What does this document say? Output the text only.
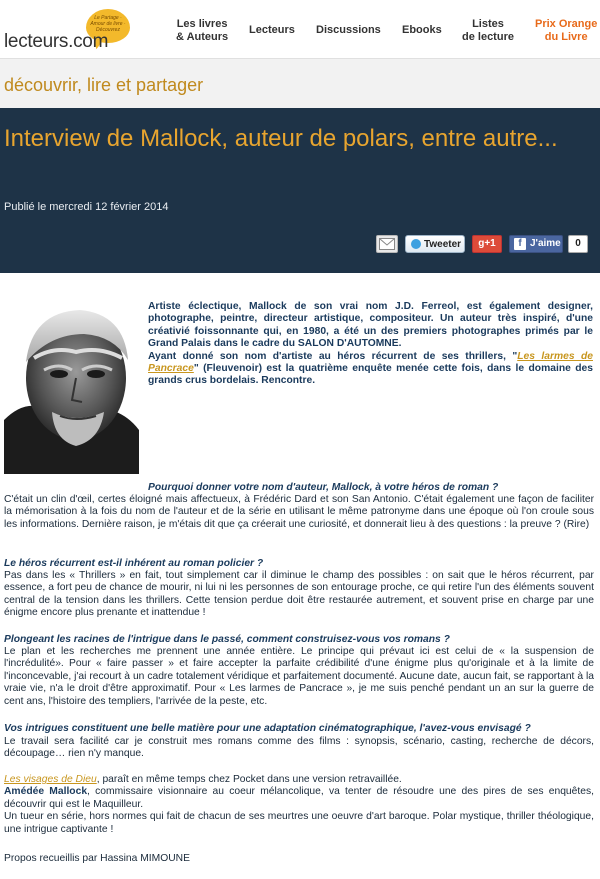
Le Partage · Amour de livre · Découvrez
lecteurs.com
Les livres
& Auteurs
Lecteurs Discussions Ebooks	Listes
de lecture
Prix Orange
du Livre
découvrir, lire et partager
Interview de Mallock, auteur de polars, entre autre...
Publié le mercredi 12 février 2014
Tweeter	g+1	f J'aime	0
Artiste éclectique, Mallock de son vrai nom J.D. Ferreol, est également designer, photographe, peintre, directeur artistique, compositeur. Un auteur très inspiré, d'une créativié foissonnante qui, en 1980, a été un des premiers photographes primés par le Grand Palais dans le cadre du SALON D'AUTOMNE.
Ayant donné son nom d'artiste au héros récurrent de ses thrillers, "Les larmes de Pancrace" (Fleuvenoir) est la quatrième enquête menée cette fois, dans le domaine des grands crus bordelais. Rencontre.
Pourquoi donner votre nom d'auteur, Mallock, à votre héros de roman ?
C'était un clin d'œil, certes éloigné mais affectueux, à Frédéric Dard et son San Antonio. C'était également une façon de faciliter la mémorisation à la fois du nom de l'auteur et de la série en utilisant le même patronyme dans une époque où l'on croule sous les informations. Dernière raison, je m'étais dit que ça créerait une curiosité, et donnerait lieu à des questions : la preuve ? (Rire)
Le héros récurrent est-il inhérent au roman policier ?
Pas dans les « Thrillers » en fait, tout simplement car il diminue le champ des possibles : on sait que le héros récurrent, par essence, a fort peu de chance de mourir, ni lui ni les personnes de son entourage proche, ce qui retire l'un des éléments souvent central de la tension dans les thrillers. Cette tension perdue doit être restaurée autrement, et souvent prise en charge par une énigme encore plus prenante et inattendue !
Plongeant les racines de l'intrigue dans le passé, comment construisez-vous vos romans ?
Le plan et les recherches me prennent une année entière. Le principe qui prévaut ici est celui de « la suspension de l'incrédulité». Pour « faire passer » et faire accepter la parfaite crédibilité d'une énigme plus qu'originale et à la limite de l'inconcevable, j'ai recourt à un cadre totalement véridique et parfaitement documenté. Aucune date, aucun fait, se rapportant à la vraie vie, n'a le droit d'être approximatif. Pour « Les larmes de Pancrace », je me suis penché pendant un an sur la guerre de cent ans, l'histoire des templiers, l'arrivée de la peste, etc.
Vos intrigues constituent une belle matière pour une adaptation cinématographique, l'avez-vous envisagé ?
Le travail sera facilité car je construit mes romans comme des films : synopsis, scénario, casting, recherche de décors, découpage… rien n'y manque.
Les visages de Dieu, paraît en même temps chez Pocket dans une version retravaillée.
Amédée Mallock, commissaire visionnaire au coeur mélancolique, va tenter de résoudre une des pires de ses enquêtes, découvrir qui est le Maquilleur.
Un tueur en série, hors normes qui fait de chacun de ses meurtres une oeuvre d'art baroque. Polar mystique, thriller théologique, une intrigue captivante !
Propos recueillis par Hassina MIMOUNE
